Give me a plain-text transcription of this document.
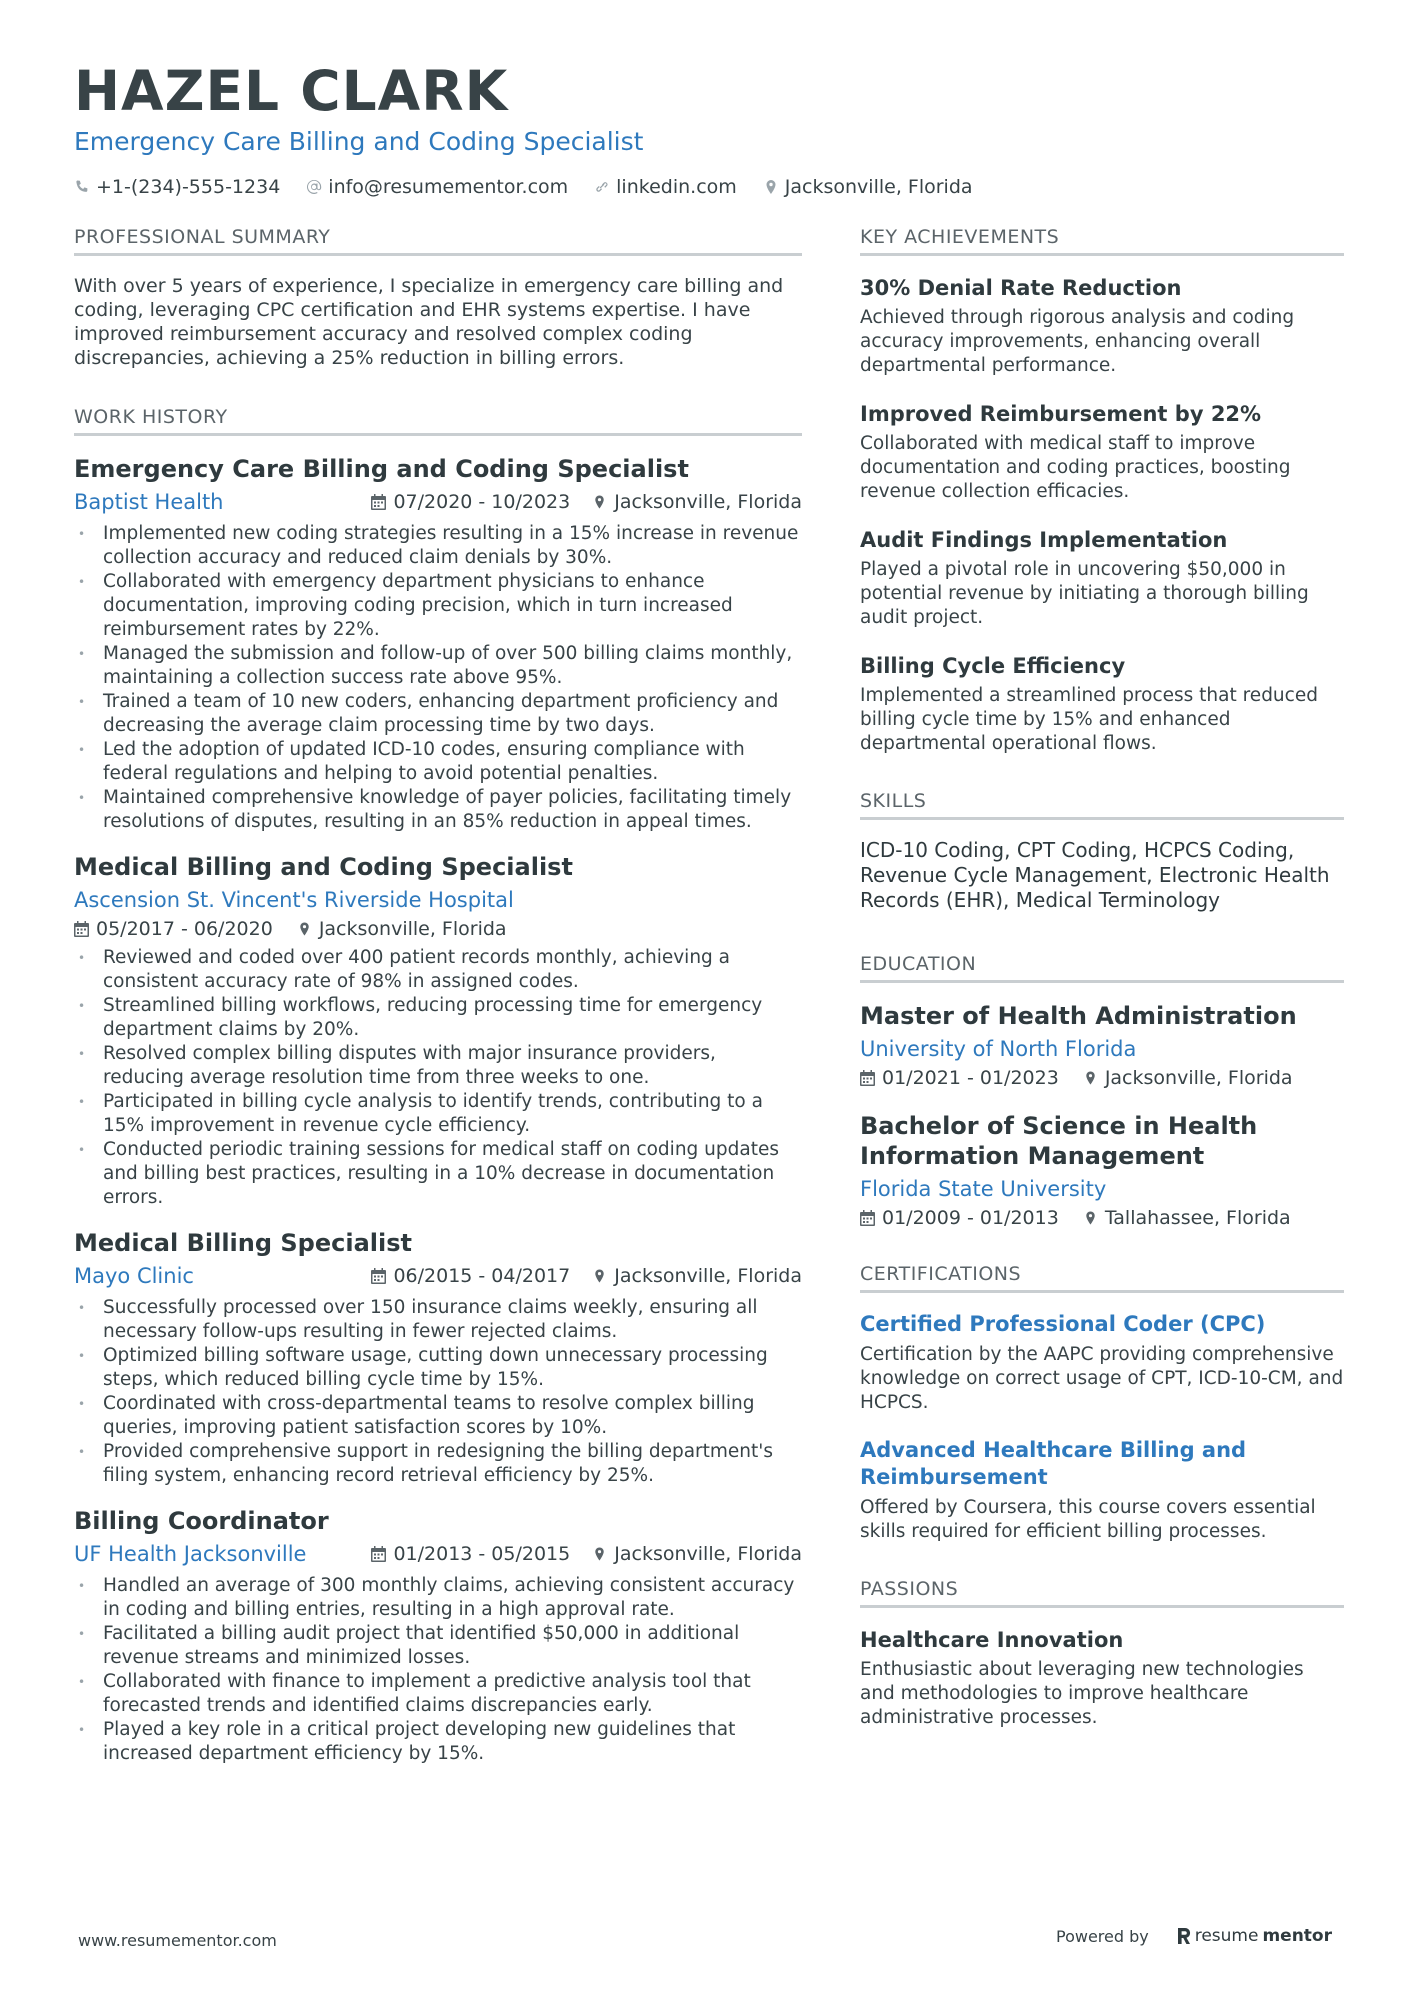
HAZEL CLARK
Emergency Care Billing and Coding Specialist
+1-(234)-555-1234	info@resumementor.com	linkedin.com	Jacksonville, Florida
PROFESSIONAL SUMMARY

With over 5 years of experience, I specialize in emergency care billing and coding, leveraging CPC certification and EHR systems expertise. I have improved reimbursement accuracy and resolved complex coding discrepancies, achieving a 25% reduction in billing errors.

WORK HISTORY
Emergency Care Billing and Coding Specialist
Baptist Health	07/2020 - 10/2023 Jacksonville, Florida
• Implemented new coding strategies resulting in a 15% increase in revenue collection accuracy and reduced claim denials by 30%.
• Collaborated with emergency department physicians to enhance documentation, improving coding precision, which in turn increased reimbursement rates by 22%.
• Managed the submission and follow-up of over 500 billing claims monthly, maintaining a collection success rate above 95%.
• Trained a team of 10 new coders, enhancing department proficiency and decreasing the average claim processing time by two days.
• Led the adoption of updated ICD-10 codes, ensuring compliance with federal regulations and helping to avoid potential penalties.
• Maintained comprehensive knowledge of payer policies, facilitating timely resolutions of disputes, resulting in an 85% reduction in appeal times.
Medical Billing and Coding Specialist
Ascension St. Vincent's Riverside Hospital
05/2017 - 06/2020 Jacksonville, Florida
• Reviewed and coded over 400 patient records monthly, achieving a consistent accuracy rate of 98% in assigned codes.
• Streamlined billing workflows, reducing processing time for emergency department claims by 20%.
• Resolved complex billing disputes with major insurance providers, reducing average resolution time from three weeks to one.
• Participated in billing cycle analysis to identify trends, contributing to a 15% improvement in revenue cycle efficiency.
• Conducted periodic training sessions for medical staff on coding updates and billing best practices, resulting in a 10% decrease in documentation errors.
Medical Billing Specialist
Mayo Clinic	06/2015 - 04/2017 Jacksonville, Florida
• Successfully processed over 150 insurance claims weekly, ensuring all necessary follow-ups resulting in fewer rejected claims.
• Optimized billing software usage, cutting down unnecessary processing steps, which reduced billing cycle time by 15%.
• Coordinated with cross-departmental teams to resolve complex billing queries, improving patient satisfaction scores by 10%.
• Provided comprehensive support in redesigning the billing department's filing system, enhancing record retrieval efficiency by 25%.
Billing Coordinator
UF Health Jacksonville	01/2013 - 05/2015 Jacksonville, Florida
• Handled an average of 300 monthly claims, achieving consistent accuracy in coding and billing entries, resulting in a high approval rate.
• Facilitated a billing audit project that identified $50,000 in additional revenue streams and minimized losses.
• Collaborated with finance to implement a predictive analysis tool that forecasted trends and identified claims discrepancies early.
• Played a key role in a critical project developing new guidelines that increased department efficiency by 15%.
KEY ACHIEVEMENTS
30% Denial Rate Reduction

Achieved through rigorous analysis and coding accuracy improvements, enhancing overall departmental performance.

Improved Reimbursement by 22%

Collaborated with medical staff to improve documentation and coding practices, boosting revenue collection efficacies.

Audit Findings Implementation

Played a pivotal role in uncovering $50,000 in potential revenue by initiating a thorough billing audit project.

Billing Cycle Efficiency

Implemented a streamlined process that reduced billing cycle time by 15% and enhanced departmental operational flows.

SKILLS

ICD-10 Coding, CPT Coding, HCPCS Coding, Revenue Cycle Management, Electronic Health Records (EHR), Medical Terminology

EDUCATION
Master of Health Administration
University of North Florida
01/2021 - 01/2023 Jacksonville, Florida
Bachelor of Science in Health Information Management
Florida State University
01/2009 - 01/2013 Tallahassee, Florida
CERTIFICATIONS
Certified Professional Coder (CPC)

Certification by the AAPC providing comprehensive knowledge on correct usage of CPT, ICD-10-CM, and HCPCS.

Advanced Healthcare Billing and Reimbursement

Offered by Coursera, this course covers essential skills required for efficient billing processes.

PASSIONS
Healthcare Innovation

Enthusiastic about leveraging new technologies and methodologies to improve healthcare administrative processes.

www.resumementor.com	Powered by	resume mentor
